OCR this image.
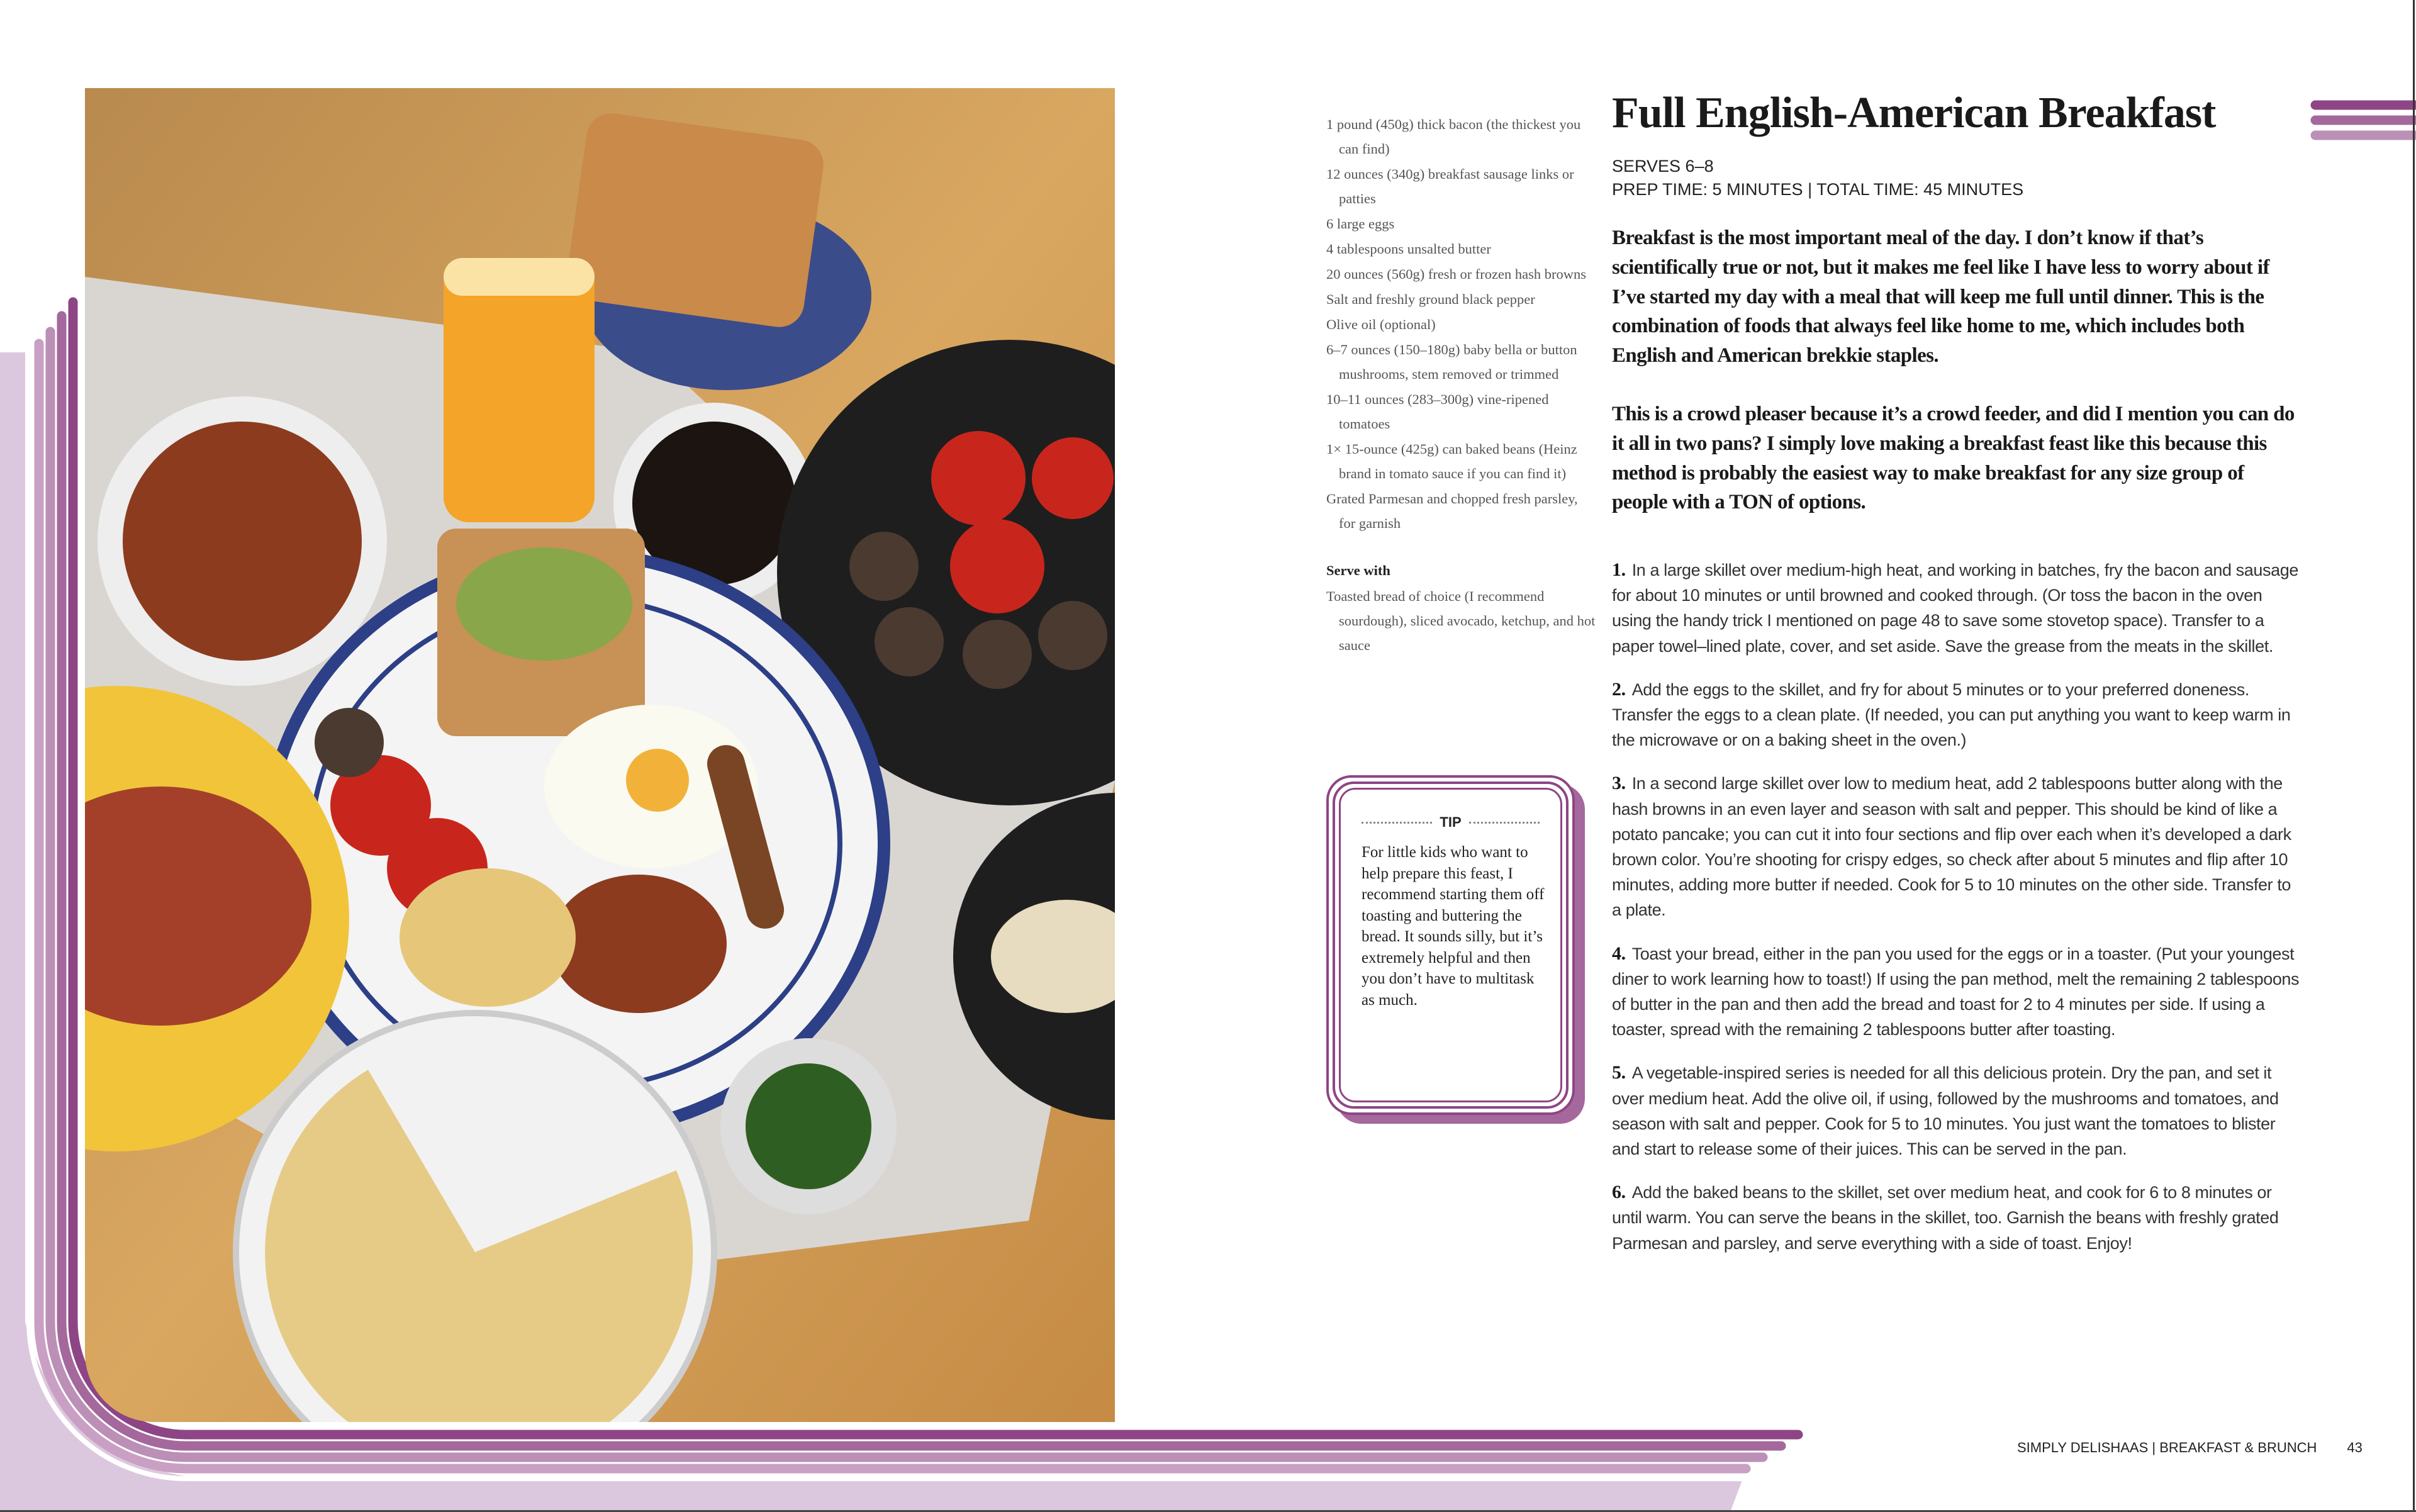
1 pound (450g) thick bacon (the thickest you can find)
12 ounces (340g) breakfast sausage links or patties
6 large eggs
4 tablespoons unsalted butter
20 ounces (560g) fresh or frozen hash browns
Salt and freshly ground black pepper
Olive oil (optional)
6–7 ounces (150–180g) baby bella or button mushrooms, stem removed or trimmed
10–11 ounces (283–300g) vine-ripened tomatoes
1× 15-ounce (425g) can baked beans (Heinz brand in tomato sauce if you can find it)
Grated Parmesan and chopped fresh parsley, for garnish
Serve with
Toasted bread of choice (I recommend sourdough), sliced avocado, ketchup, and hot sauce
TIP
For little kids who want to help prepare this feast, I recommend starting them off toasting and buttering the bread. It sounds silly, but it’s extremely helpful and then you don’t have to multitask as much.
Full English-American Breakfast
SERVES 6–8
PREP TIME: 5 MINUTES | TOTAL TIME: 45 MINUTES

Breakfast is the most important meal of the day. I don’t know if that’s scientifically true or not, but it makes me feel like I have less to worry about if I’ve started my day with a meal that will keep me full until dinner. This is the combination of foods that always feel like home to me, which includes both English and American brekkie staples.

This is a crowd pleaser because it’s a crowd feeder, and did I mention you can do it all in two pans? I simply love making a breakfast feast like this because this method is probably the easiest way to make breakfast for any size group of people with a TON of options.

1. In a large skillet over medium-high heat, and working in batches, fry the bacon and sausage for about 10 minutes or until browned and cooked through. (Or toss the bacon in the oven using the handy trick I mentioned on page 48 to save some stovetop space). Transfer to a paper towel–lined plate, cover, and set aside. Save the grease from the meats in the skillet.
2. Add the eggs to the skillet, and fry for about 5 minutes or to your preferred doneness. Transfer the eggs to a clean plate. (If needed, you can put anything you want to keep warm in the microwave or on a baking sheet in the oven.)
3. In a second large skillet over low to medium heat, add 2 tablespoons butter along with the hash browns in an even layer and season with salt and pepper. This should be kind of like a potato pancake; you can cut it into four sections and flip over each when it’s developed a dark brown color. You’re shooting for crispy edges, so check after about 5 minutes and flip after 10 minutes, adding more butter if needed. Cook for 5 to 10 minutes on the other side. Transfer to a plate.
4. Toast your bread, either in the pan you used for the eggs or in a toaster. (Put your youngest diner to work learning how to toast!) If using the pan method, melt the remaining 2 tablespoons of butter in the pan and then add the bread and toast for 2 to 4 minutes per side. If using a toaster, spread with the remaining 2 tablespoons butter after toasting.
5. A vegetable-inspired series is needed for all this delicious protein. Dry the pan, and set it over medium heat. Add the olive oil, if using, followed by the mushrooms and tomatoes, and season with salt and pepper. Cook for 5 to 10 minutes. You just want the tomatoes to blister and start to release some of their juices. This can be served in the pan.
6. Add the baked beans to the skillet, set over medium heat, and cook for 6 to 8 minutes or until warm. You can serve the beans in the skillet, too. Garnish the beans with freshly grated Parmesan and parsley, and serve everything with a side of toast. Enjoy!
SIMPLY DELISHAAS | BREAKFAST & BRUNCH 43
